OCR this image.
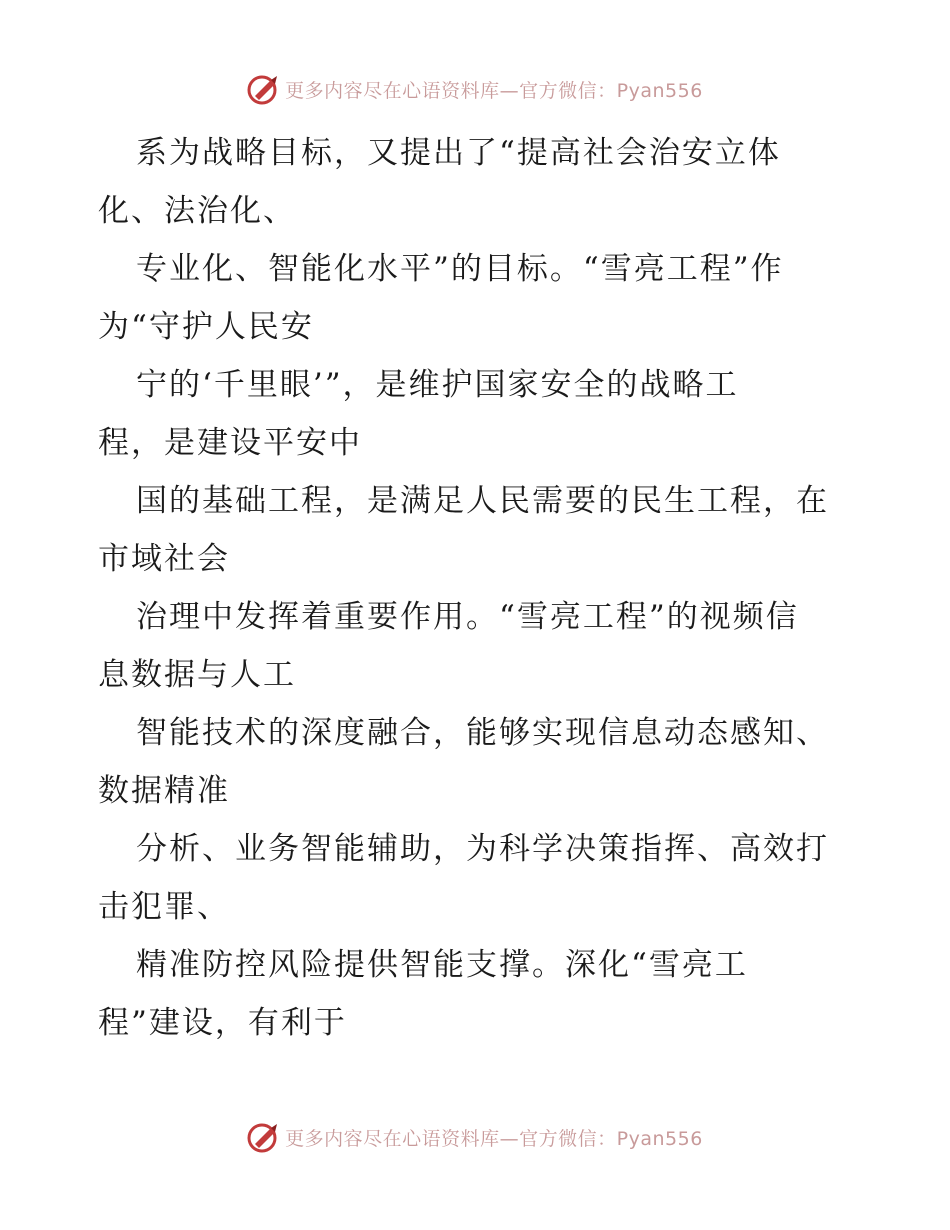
更多内容尽在心语资料库—官方微信：Pyan556
系为战略目标，又提出了“提高社会治安立体
化、法治化、
专业化、智能化水平”的目标。“雪亮工程”作
为“守护人民安
宁的‘千里眼’”，是维护国家安全的战略工
程，是建设平安中
国的基础工程，是满足人民需要的民生工程，在
市域社会
治理中发挥着重要作用。“雪亮工程”的视频信
息数据与人工
智能技术的深度融合，能够实现信息动态感知、
数据精准
分析、业务智能辅助，为科学决策指挥、高效打
击犯罪、
精准防控风险提供智能支撑。深化“雪亮工
程”建设，有利于
更多内容尽在心语资料库—官方微信：Pyan556
